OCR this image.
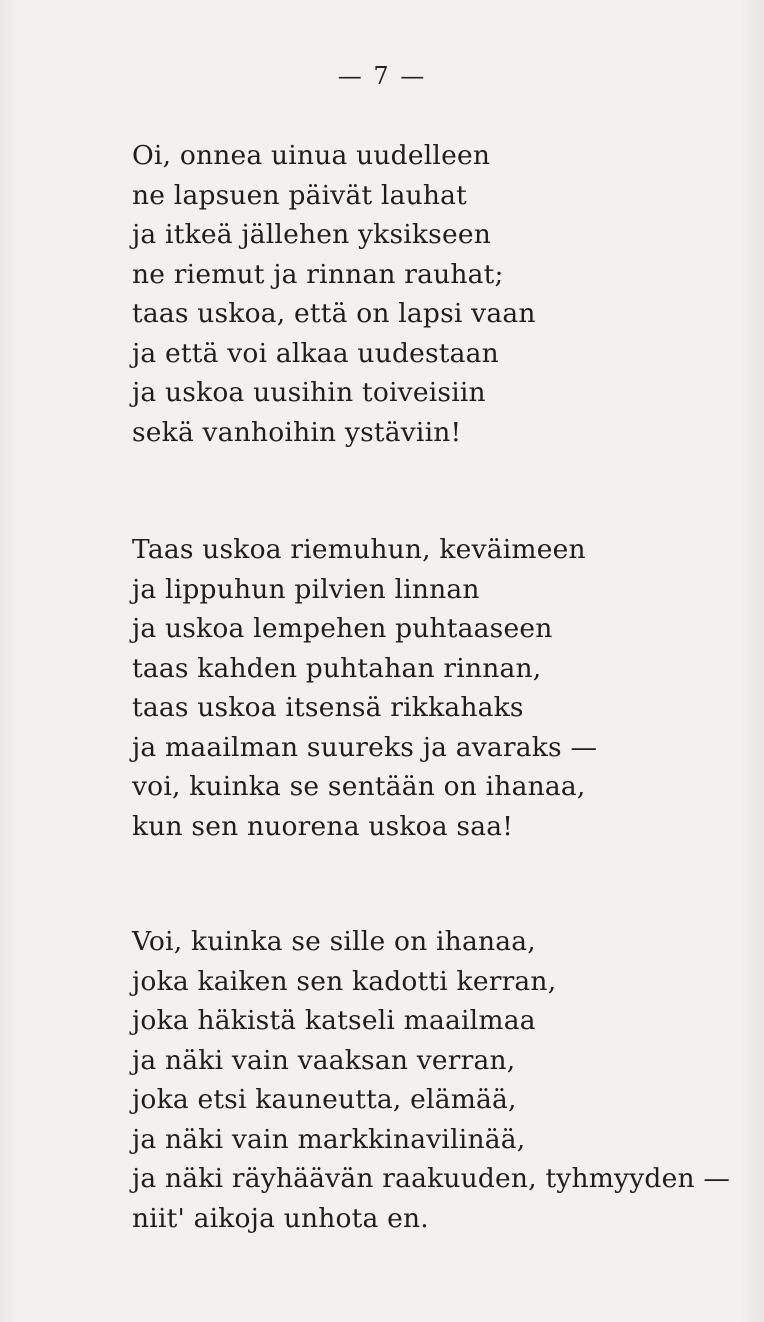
— 7 —
Oi, onnea uinua uudelleen
ne lapsuen päivät lauhat
ja itkeä jällehen yksikseen
ne riemut ja rinnan rauhat;
taas uskoa, että on lapsi vaan
ja että voi alkaa uudestaan
ja uskoa uusihin toiveisiin
sekä vanhoihin ystäviin!
Taas uskoa riemuhun, keväimeen
ja lippuhun pilvien linnan
ja uskoa lempehen puhtaaseen
taas kahden puhtahan rinnan,
taas uskoa itsensä rikkahaks
ja maailman suureks ja avaraks —
voi, kuinka se sentään on ihanaa,
kun sen nuorena uskoa saa!
Voi, kuinka se sille on ihanaa,
joka kaiken sen kadotti kerran,
joka häkistä katseli maailmaa
ja näki vain vaaksan verran,
joka etsi kauneutta, elämää,
ja näki vain markkinavilinää,
ja näki räyhäävän raakuuden, tyhmyyden —
niit' aikoja unhota en.
